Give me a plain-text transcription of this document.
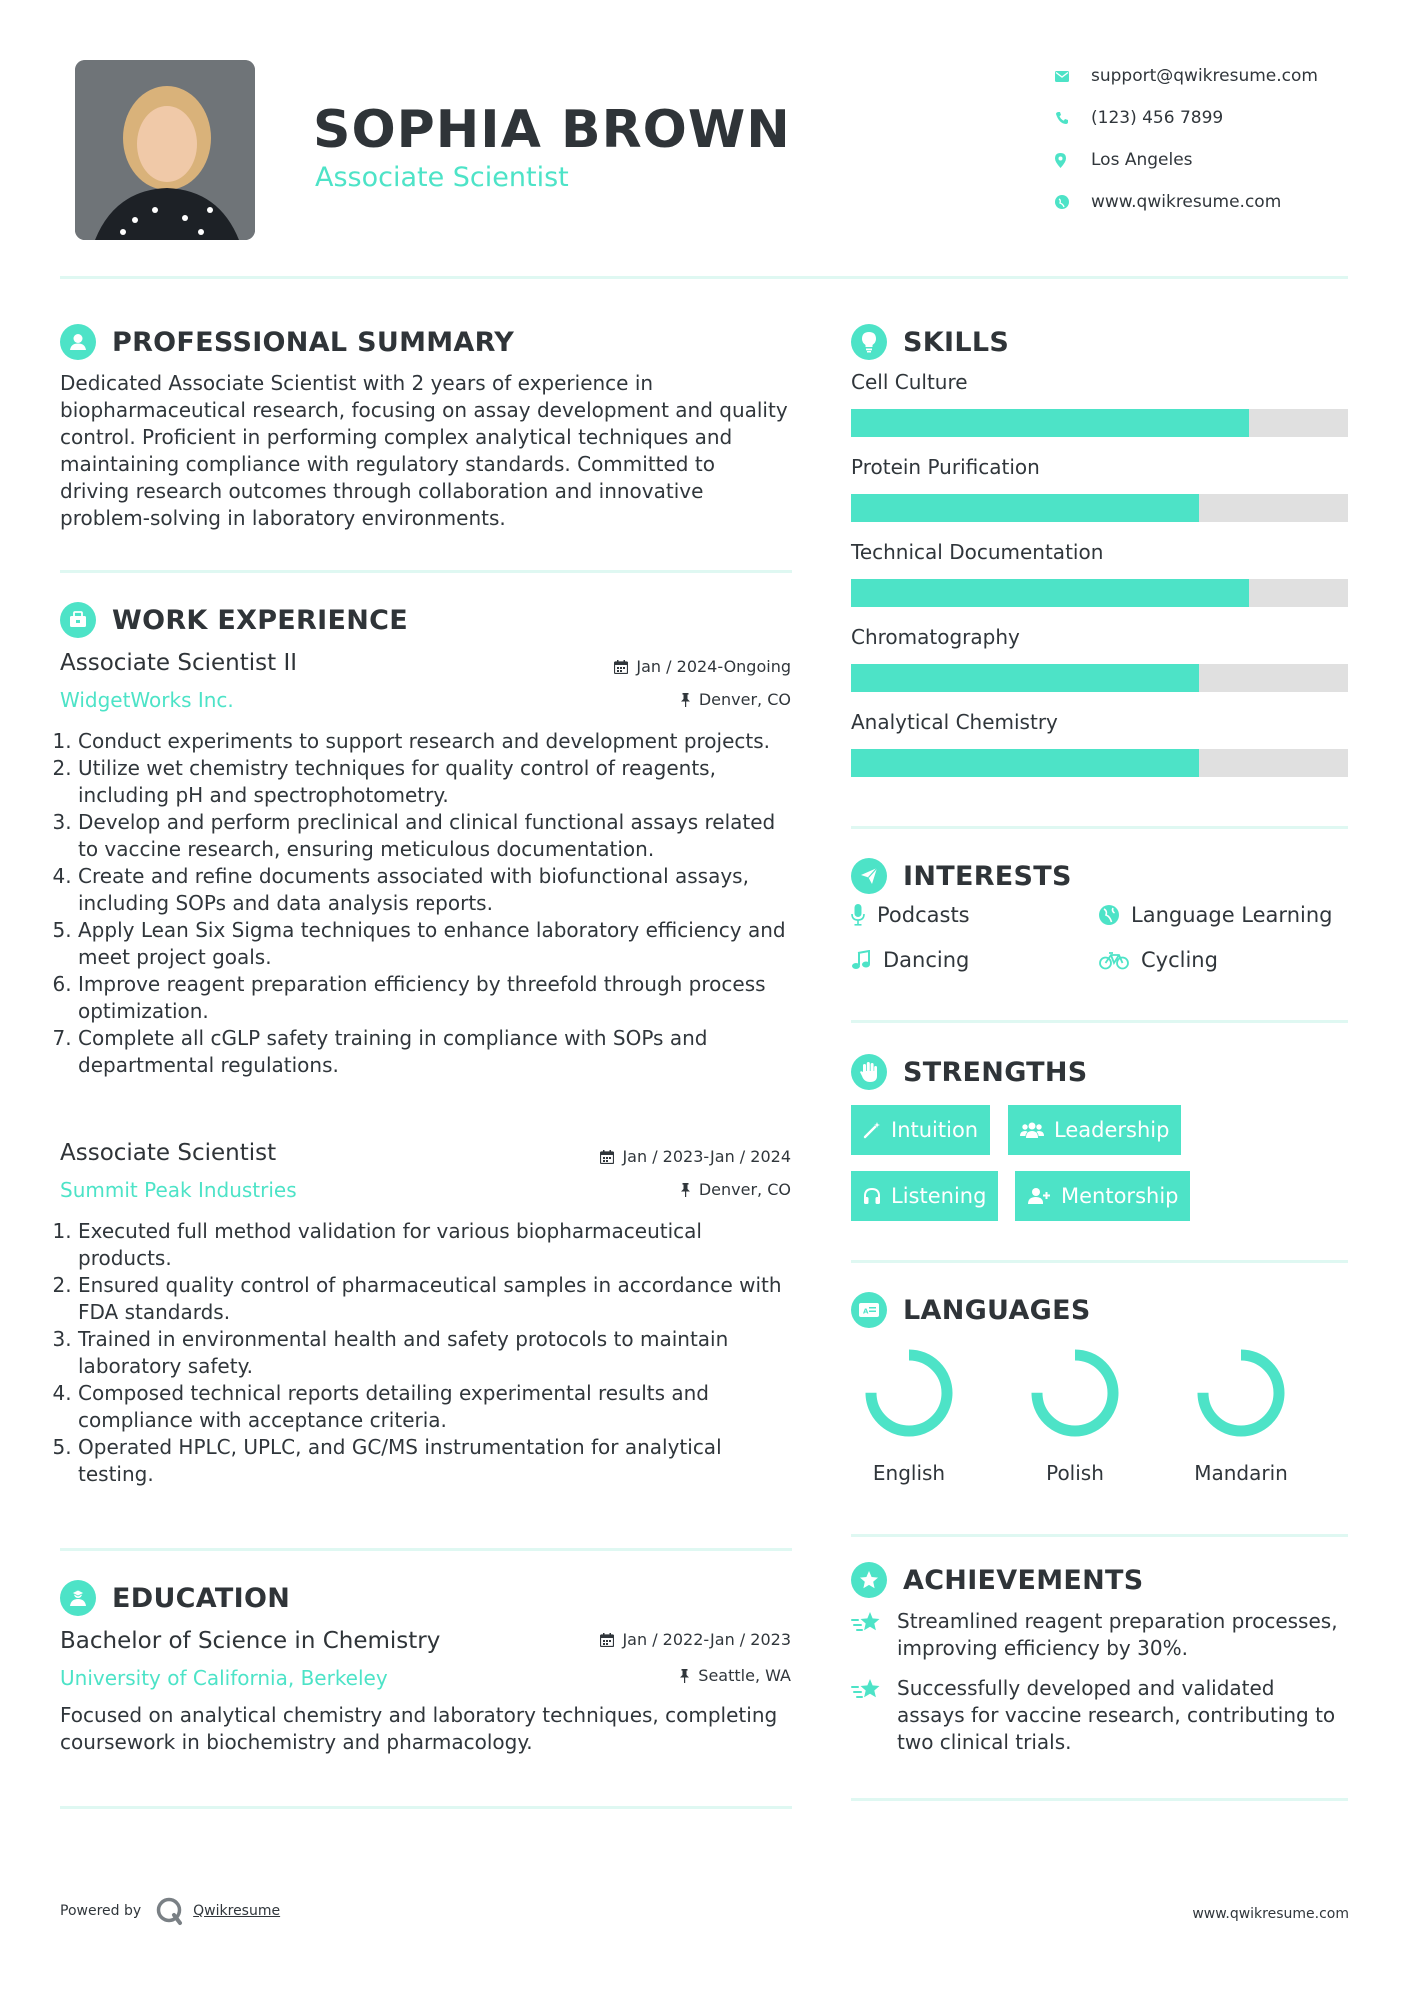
SOPHIA BROWN
Associate Scientist
support@qwikresume.com
(123) 456 7899
Los Angeles
www.qwikresume.com
PROFESSIONAL SUMMARY
Dedicated Associate Scientist with 2 years of experience in biopharmaceutical research, focusing on assay development and quality control. Proficient in performing complex analytical techniques and maintaining compliance with regulatory standards. Committed to driving research outcomes through collaboration and innovative problem-solving in laboratory environments.
WORK EXPERIENCE
Associate Scientist II
WidgetWorks Inc.
Jan / 2024-Ongoing
Denver, CO
1. Conduct experiments to support research and development projects.
2. Utilize wet chemistry techniques for quality control of reagents, including pH and spectrophotometry.
3. Develop and perform preclinical and clinical functional assays related to vaccine research, ensuring meticulous documentation.
4. Create and refine documents associated with biofunctional assays, including SOPs and data analysis reports.
5. Apply Lean Six Sigma techniques to enhance laboratory efficiency and meet project goals.
6. Improve reagent preparation efficiency by threefold through process optimization.
7. Complete all cGLP safety training in compliance with SOPs and departmental regulations.
Associate Scientist
Summit Peak Industries
Jan / 2023-Jan / 2024
Denver, CO
1. Executed full method validation for various biopharmaceutical products.
2. Ensured quality control of pharmaceutical samples in accordance with FDA standards.
3. Trained in environmental health and safety protocols to maintain laboratory safety.
4. Composed technical reports detailing experimental results and compliance with acceptance criteria.
5. Operated HPLC, UPLC, and GC/MS instrumentation for analytical testing.
EDUCATION
Bachelor of Science in Chemistry
University of California, Berkeley
Jan / 2022-Jan / 2023
Seattle, WA
Focused on analytical chemistry and laboratory techniques, completing coursework in biochemistry and pharmacology.
SKILLS
Cell Culture
Protein Purification
Technical Documentation
Chromatography
Analytical Chemistry
INTERESTS
Podcasts	Language Learning
Dancing	Cycling
STRENGTHS
Intuition	Leadership
Listening	Mentorship
A LANGUAGES
English	Polish	Mandarin
ACHIEVEMENTS
Streamlined reagent preparation processes, improving efficiency by 30%.
Successfully developed and validated assays for vaccine research, contributing to two clinical trials.
Powered by	Qwikresume	www.qwikresume.com
